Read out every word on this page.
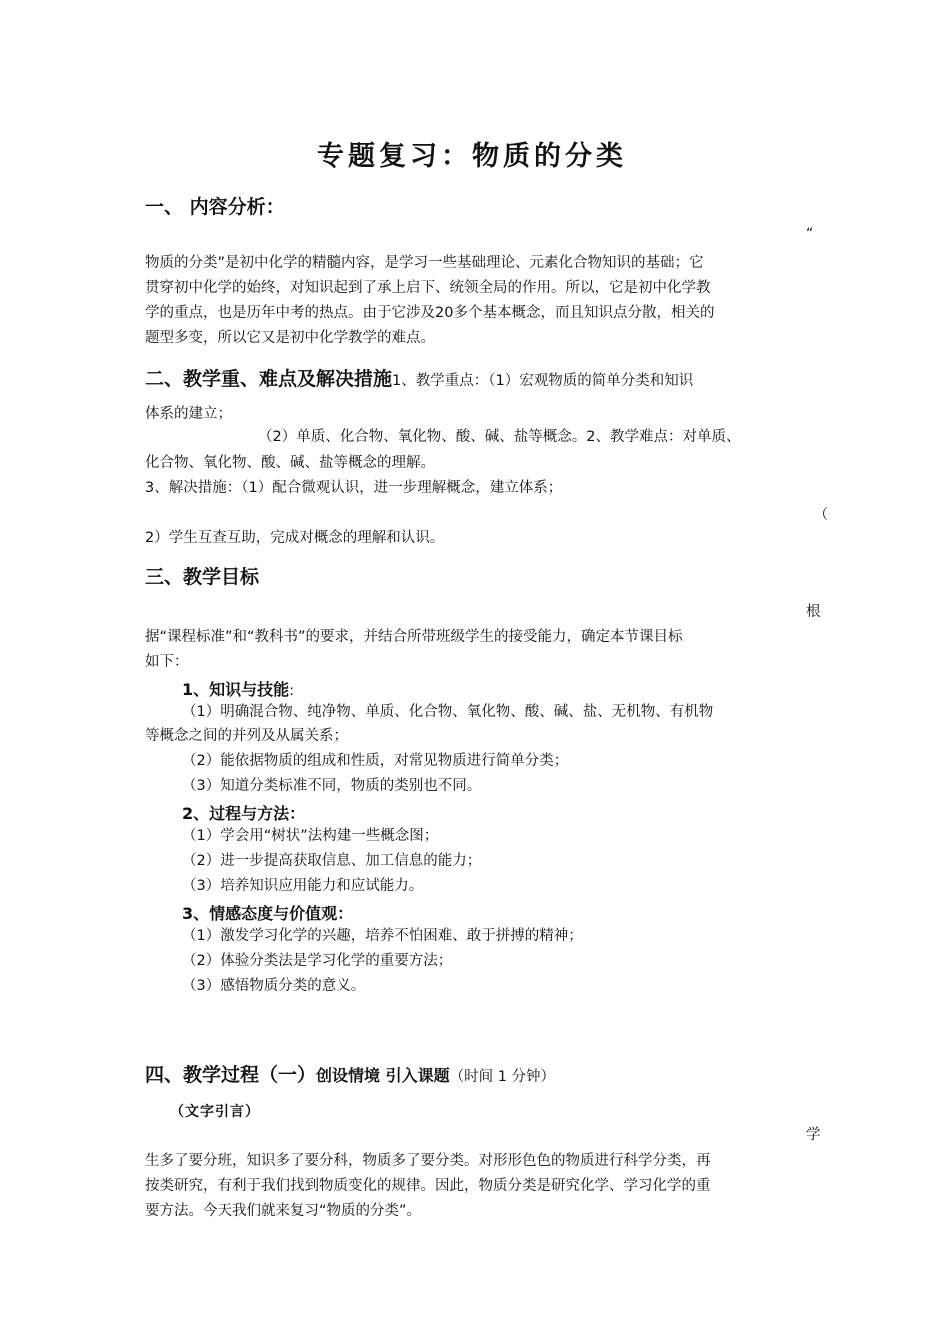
专题复习：物质的分类
一、 内容分析：
“
物质的分类”是初中化学的精髓内容，是学习一些基础理论、元素化合物知识的基础；它
贯穿初中化学的始终，对知识起到了承上启下、统领全局的作用。所以，它是初中化学教
学的重点，也是历年中考的热点。由于它涉及20多个基本概念，而且知识点分散，相关的
题型多变，所以它又是初中化学教学的难点。
二、教学重、难点及解决措施1、教学重点：（1）宏观物质的简单分类和知识
体系的建立；
（2）单质、化合物、氧化物、酸、碱、盐等概念。2、教学难点：对单质、
化合物、氧化物、酸、碱、盐等概念的理解。
3、解决措施：（1）配合微观认识，进一步理解概念，建立体系；
（
2）学生互查互助，完成对概念的理解和认识。
三、教学目标
根
据“课程标准”和“教科书”的要求，并结合所带班级学生的接受能力，确定本节课目标
如下：
1、知识与技能:
（1）明确混合物、纯净物、单质、化合物、氧化物、酸、碱、盐、无机物、有机物
等概念之间的并列及从属关系；
（2）能依据物质的组成和性质，对常见物质进行简单分类；
（3）知道分类标准不同，物质的类别也不同。
2、过程与方法：
（1）学会用“树状”法构建一些概念图；
（2）进一步提高获取信息、加工信息的能力；
（3）培养知识应用能力和应试能力。
3、情感态度与价值观：
（1）激发学习化学的兴趣，培养不怕困难、敢于拼搏的精神；
（2）体验分类法是学习化学的重要方法；
（3）感悟物质分类的意义。
四、教学过程（一）创设情境 引入课题（时间 1 分钟）
（文字引言）
学
生多了要分班，知识多了要分科，物质多了要分类。对形形色色的物质进行科学分类，再
按类研究，有利于我们找到物质变化的规律。因此，物质分类是研究化学、学习化学的重
要方法。今天我们就来复习“物质的分类”。
